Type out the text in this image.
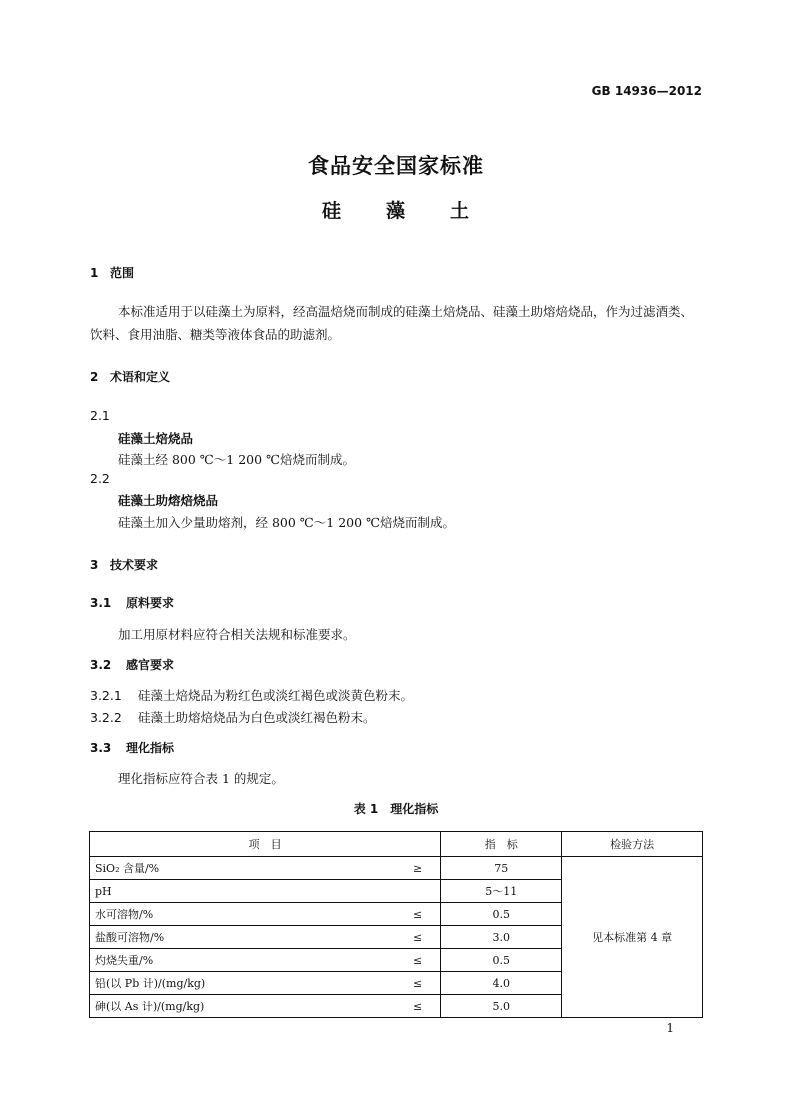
GB 14936—2012
食品安全国家标准
硅 藻 土
1 范围
本标准适用于以硅藻土为原料，经高温焙烧而制成的硅藻土焙烧品、硅藻土助熔焙烧品，作为过滤酒类、饮料、食用油脂、糖类等液体食品的助滤剂。
2 术语和定义
2.1
硅藻土焙烧品
硅藻土经 800 ℃～1 200 ℃焙烧而制成。
2.2
硅藻土助熔焙烧品
硅藻土加入少量助熔剂，经 800 ℃～1 200 ℃焙烧而制成。
3 技术要求
3.1 原料要求
加工用原材料应符合相关法规和标准要求。
3.2 感官要求
3.2.1 硅藻土焙烧品为粉红色或淡红褐色或淡黄色粉末。
3.2.2 硅藻土助熔焙烧品为白色或淡红褐色粉末。
3.3 理化指标
理化指标应符合表 1 的规定。
表 1　理化指标
项　目		指　标	检验方法
SiO₂ 含量/%	≥	75	见本标准第 4 章
pH		5～11	
水可溶物/%	≤	0.5	
盐酸可溶物/%	≤	3.0	
灼烧失重/%	≤	0.5	
铅(以 Pb 计)/(mg/kg)	≤	4.0	
砷(以 As 计)/(mg/kg)	≤	5.0	
1
